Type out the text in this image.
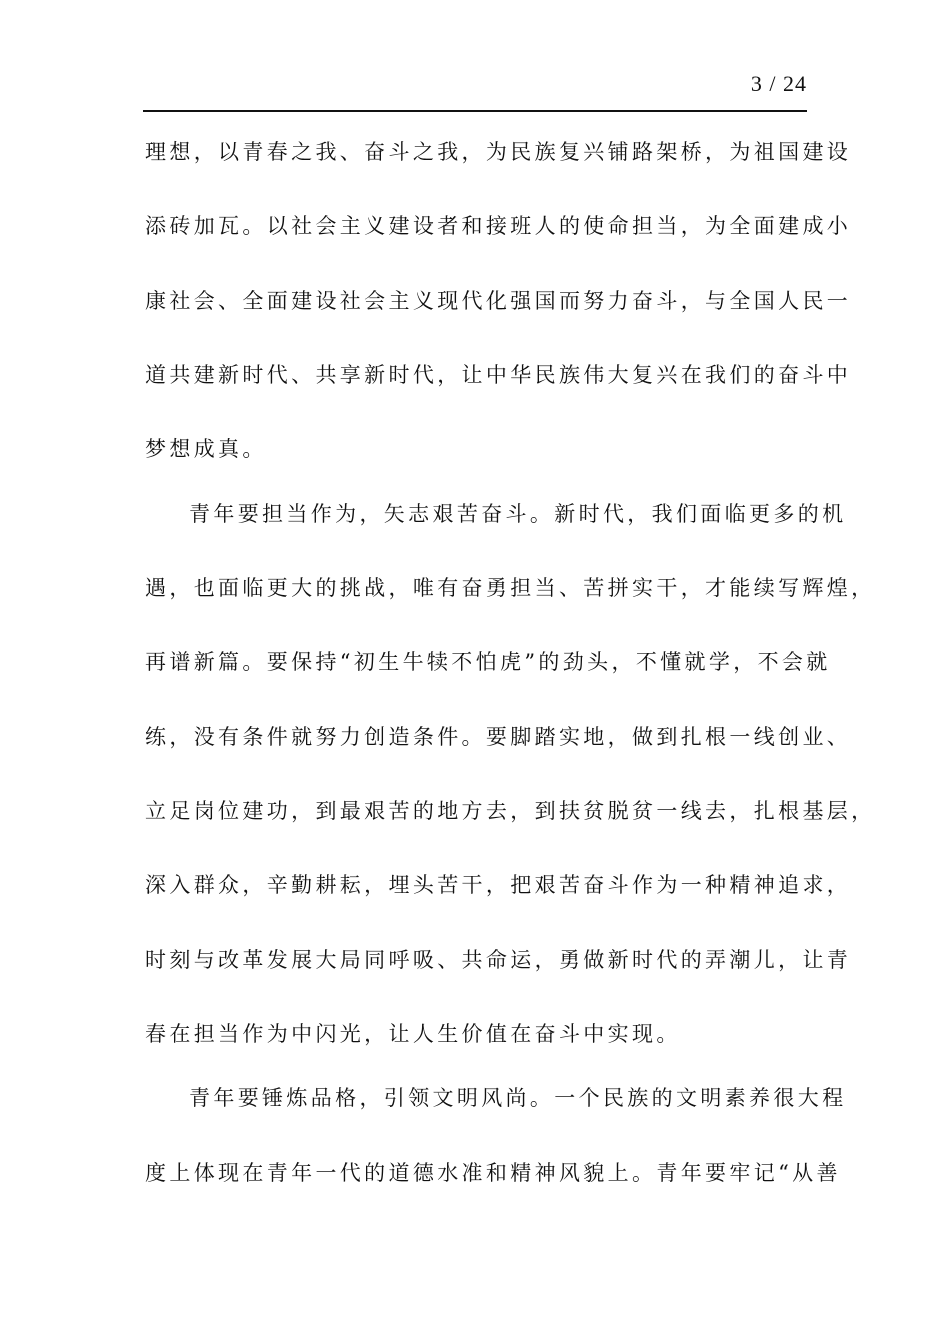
3 / 24
理想，以青春之我、奋斗之我，为民族复兴铺路架桥，为祖国建设
添砖加瓦。以社会主义建设者和接班人的使命担当，为全面建成小
康社会、全面建设社会主义现代化强国而努力奋斗，与全国人民一
道共建新时代、共享新时代，让中华民族伟大复兴在我们的奋斗中
梦想成真。
青年要担当作为，矢志艰苦奋斗。新时代，我们面临更多的机
遇，也面临更大的挑战，唯有奋勇担当、苦拼实干，才能续写辉煌，
再谱新篇。要保持“初生牛犊不怕虎”的劲头，不懂就学，不会就
练，没有条件就努力创造条件。要脚踏实地，做到扎根一线创业、
立足岗位建功，到最艰苦的地方去，到扶贫脱贫一线去，扎根基层，
深入群众，辛勤耕耘，埋头苦干，把艰苦奋斗作为一种精神追求，
时刻与改革发展大局同呼吸、共命运，勇做新时代的弄潮儿，让青
春在担当作为中闪光，让人生价值在奋斗中实现。
青年要锤炼品格，引领文明风尚。一个民族的文明素养很大程
度上体现在青年一代的道德水准和精神风貌上。青年要牢记“从善
